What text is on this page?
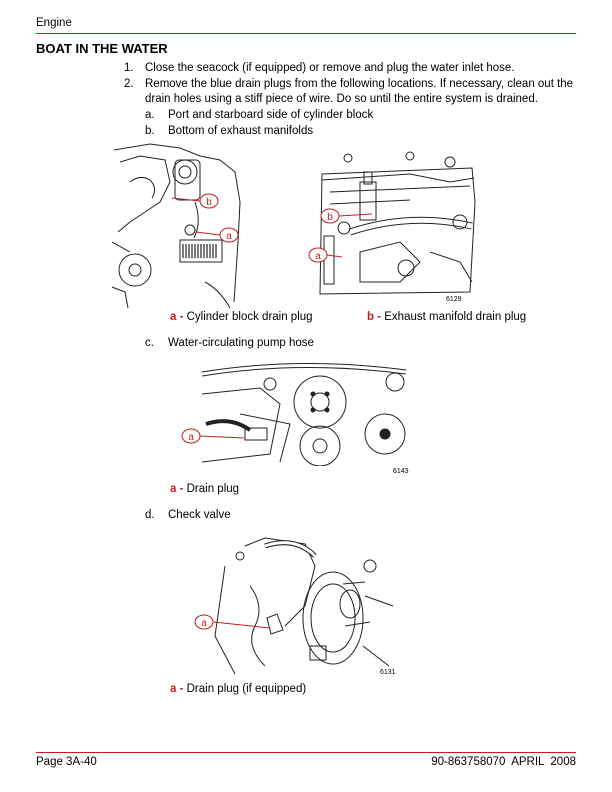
Engine
BOAT IN THE WATER
1. Close the seacock (if equipped) or remove and plug the water inlet hose.
2. Remove the blue drain plugs from the following locations. If necessary, clean out the
drain holes using a stiff piece of wire. Do so until the entire system is drained.
a. Port and starboard side of cylinder block
b. Bottom of exhaust manifolds
b
a
b
a
6129
a - Cylinder block drain plug	b - Exhaust manifold drain plug
c. Water-circulating pump hose
a
6143
a - Drain plug
d. Check valve
a
6131
a - Drain plug (if equipped)
Page 3A-40	90-863758070 APRIL  2008
